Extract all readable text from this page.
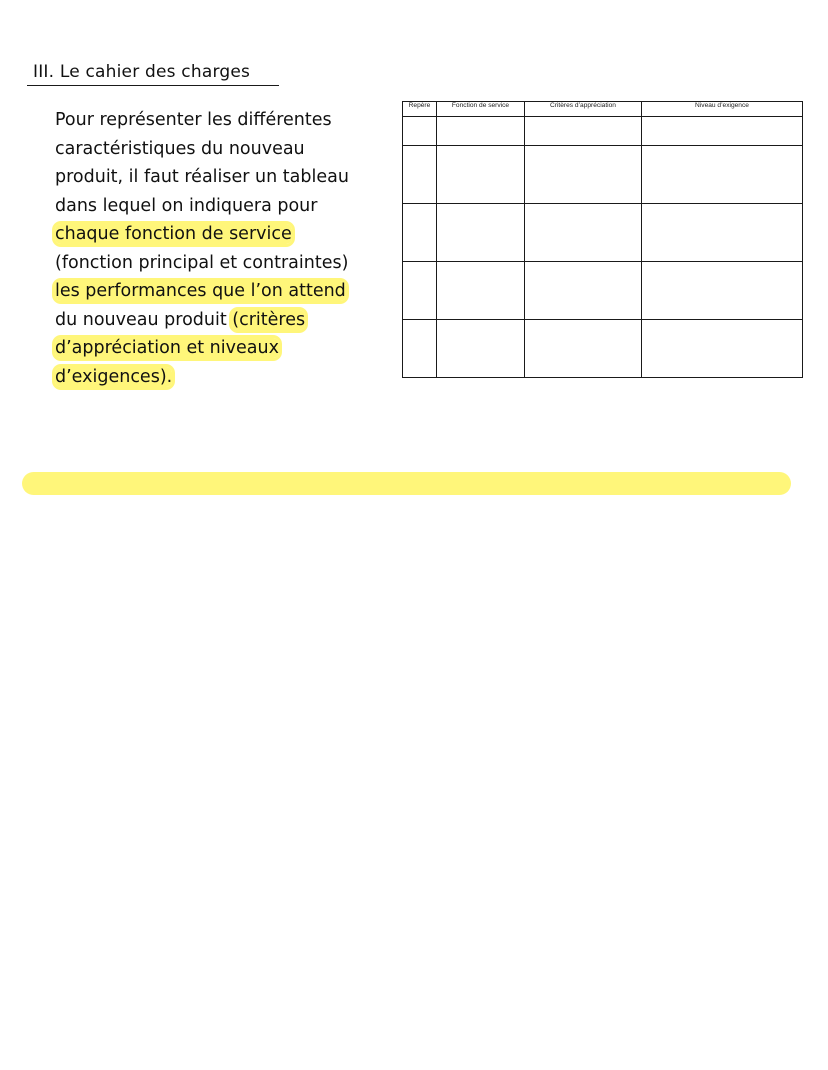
III. Le cahier des charges
Pour représenter les différentes
caractéristiques du nouveau
produit, il faut réaliser un tableau
dans lequel on indiquera pour
chaque fonction de service
(fonction principal et contraintes)
les performances que l’on attend
du nouveau produit (critères
d’appréciation et niveaux
d’exigences).
Repère	Fonction de service	Critères d’appréciation	Niveau d’exigence
